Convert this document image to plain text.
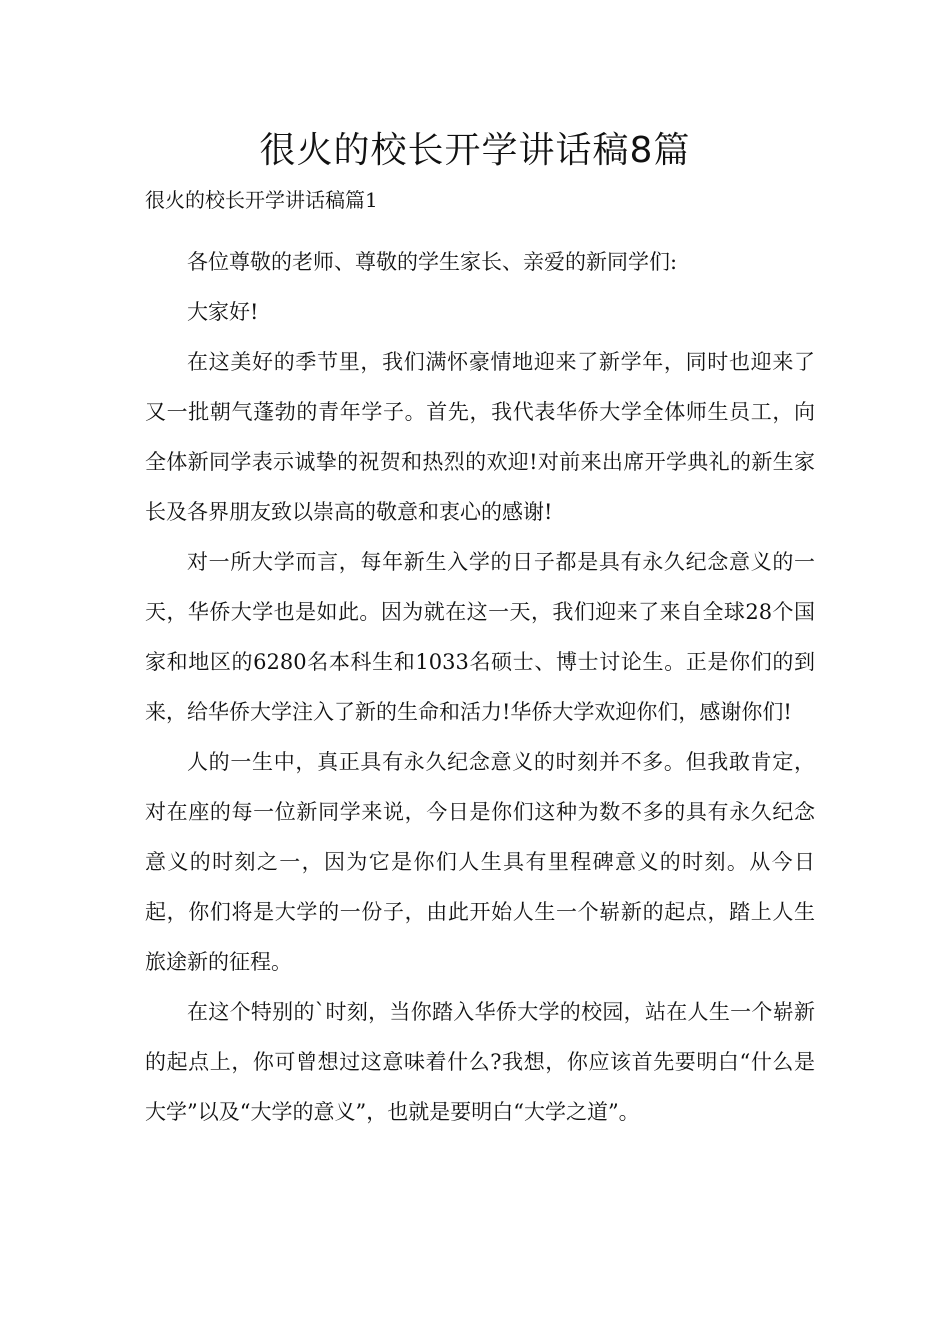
很火的校长开学讲话稿8篇
很火的校长开学讲话稿篇1

各位尊敬的老师、尊敬的学生家长、亲爱的新同学们:

大家好!

在这美好的季节里，我们满怀豪情地迎来了新学年，同时也迎来了又一批朝气蓬勃的青年学子。首先，我代表华侨大学全体师生员工，向全体新同学表示诚挚的祝贺和热烈的欢迎!对前来出席开学典礼的新生家长及各界朋友致以崇高的敬意和衷心的感谢!

对一所大学而言，每年新生入学的日子都是具有永久纪念意义的一天，华侨大学也是如此。因为就在这一天，我们迎来了来自全球28个国家和地区的6280名本科生和1033名硕士、博士讨论生。正是你们的到来，给华侨大学注入了新的生命和活力!华侨大学欢迎你们，感谢你们!

人的一生中，真正具有永久纪念意义的时刻并不多。但我敢肯定，对在座的每一位新同学来说，今日是你们这种为数不多的具有永久纪念意义的时刻之一，因为它是你们人生具有里程碑意义的时刻。从今日起，你们将是大学的一份子，由此开始人生一个崭新的起点，踏上人生旅途新的征程。

在这个特别的`时刻，当你踏入华侨大学的校园，站在人生一个崭新的起点上，你可曾想过这意味着什么?我想，你应该首先要明白“什么是大学”以及“大学的意义”，也就是要明白“大学之道”。
